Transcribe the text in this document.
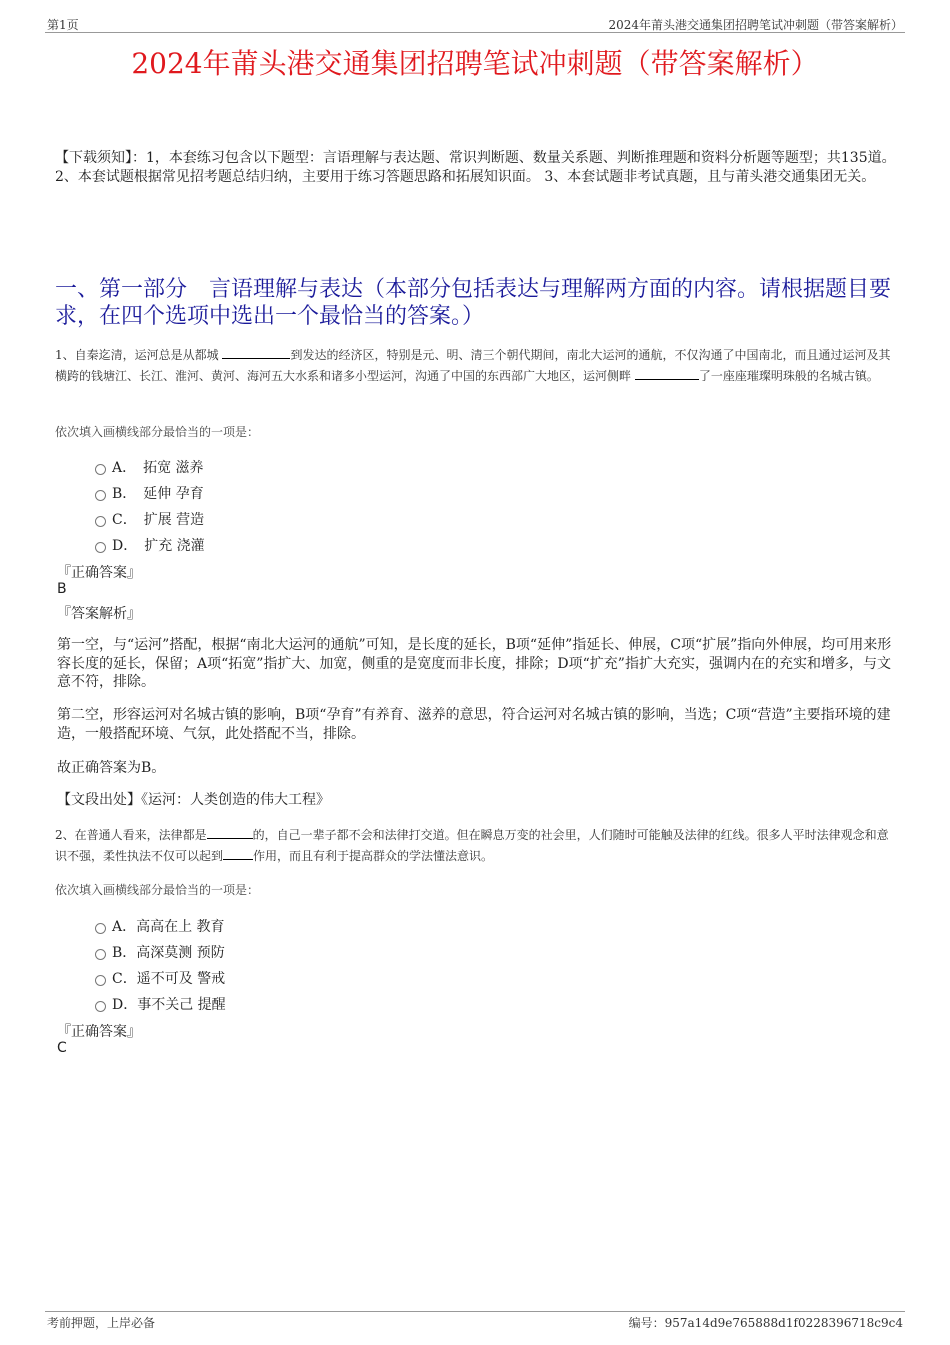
第1页	2024年莆头港交通集团招聘笔试冲刺题（带答案解析）
2024年莆头港交通集团招聘笔试冲刺题（带答案解析）
【下载须知】：1，本套练习包含以下题型：言语理解与表达题、常识判断题、数量关系题、判断推理题和资料分析题等题型；共135道。 2、本套试题根据常见招考题总结归纳，主要用于练习答题思路和拓展知识面。 3、本套试题非考试真题，且与莆头港交通集团无关。
一、第一部分　言语理解与表达（本部分包括表达与理解两方面的内容。请根据题目要求，在四个选项中选出一个最恰当的答案。）
1、自秦迄清，运河总是从都城	到发达的经济区，特别是元、明、清三个朝代期间，南北大运河的通航，不仅沟通了中国南北，而且通过运河及其横跨的钱塘江、长江、淮河、黄河、海河五大水系和诸多小型运河，沟通了中国的东西部广大地区，运河侧畔	了一座座璀璨明珠般的名城古镇。
依次填入画横线部分最恰当的一项是：
A．　拓宽 滋养
B．　延伸 孕育
C．　扩展 营造
D．　扩充 浇灌
『正确答案』
B
『答案解析』
第一空，与“运河”搭配，根据“南北大运河的通航”可知，是长度的延长，B项“延伸”指延长、伸展，C项“扩展”指向外伸展，均可用来形容长度的延长，保留；A项“拓宽”指扩大、加宽，侧重的是宽度而非长度，排除；D项“扩充”指扩大充实，强调内在的充实和增多，与文意不符，排除。
第二空，形容运河对名城古镇的影响，B项“孕育”有养育、滋养的意思，符合运河对名城古镇的影响，当选；C项“营造”主要指环境的建造，一般搭配环境、气氛，此处搭配不当，排除。
故正确答案为B。
【文段出处】《运河：人类创造的伟大工程》
2、在普通人看来，法律都是	的，自己一辈子都不会和法律打交道。但在瞬息万变的社会里，人们随时可能触及法律的红线。很多人平时法律观念和意识不强，柔性执法不仅可以起到	作用，而且有利于提高群众的学法懂法意识。
依次填入画横线部分最恰当的一项是：
A．高高在上 教育
B．高深莫测 预防
C．遥不可及 警戒
D．事不关己 提醒
『正确答案』
C
考前押题，上岸必备	编号：957a14d9e765888d1f0228396718c9c4
